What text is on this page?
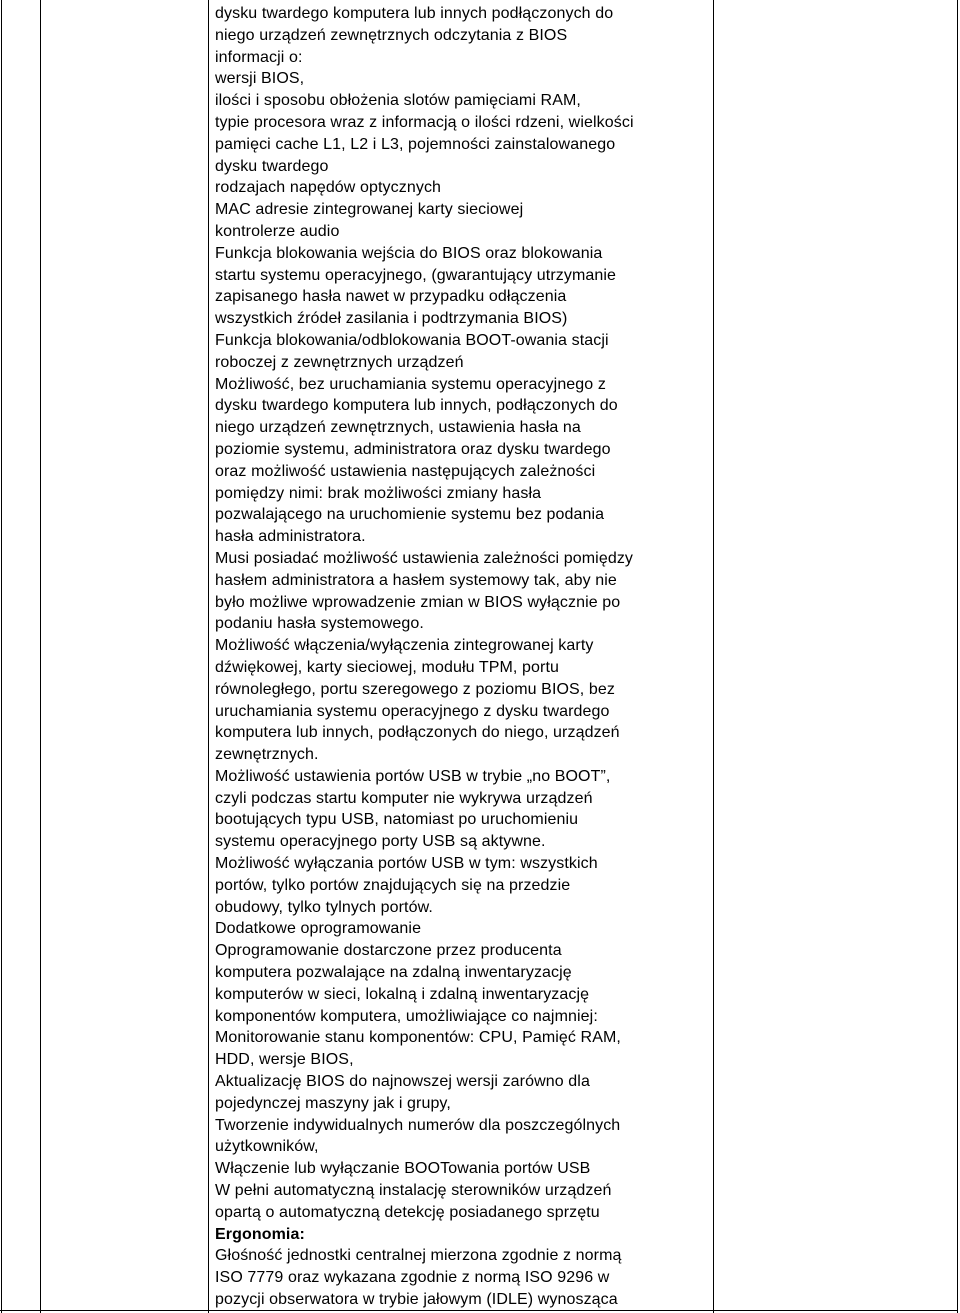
dysku twardego komputera lub innych podłączonych do
niego urządzeń zewnętrznych odczytania z BIOS
informacji o:
wersji BIOS,
ilości i sposobu obłożenia slotów pamięciami RAM,
typie procesora wraz z informacją o ilości rdzeni, wielkości
pamięci cache L1, L2 i L3, pojemności zainstalowanego
dysku twardego
rodzajach napędów optycznych
MAC adresie zintegrowanej karty sieciowej
kontrolerze audio
Funkcja blokowania wejścia do BIOS oraz blokowania
startu systemu operacyjnego, (gwarantujący utrzymanie
zapisanego hasła nawet w przypadku odłączenia
wszystkich źródeł zasilania i podtrzymania BIOS)
Funkcja blokowania/odblokowania BOOT-owania stacji
roboczej z zewnętrznych urządzeń
Możliwość, bez uruchamiania systemu operacyjnego z
dysku twardego komputera lub innych, podłączonych do
niego urządzeń zewnętrznych, ustawienia hasła na
poziomie systemu, administratora oraz dysku twardego
oraz możliwość ustawienia następujących zależności
pomiędzy nimi: brak możliwości zmiany hasła
pozwalającego na uruchomienie systemu bez podania
hasła administratora.
Musi posiadać możliwość ustawienia zależności pomiędzy
hasłem administratora a hasłem systemowy tak, aby nie
było możliwe wprowadzenie zmian w BIOS wyłącznie po
podaniu hasła systemowego.
Możliwość włączenia/wyłączenia zintegrowanej karty
dźwiękowej, karty sieciowej, modułu TPM, portu
równoległego, portu szeregowego z poziomu BIOS, bez
uruchamiania systemu operacyjnego z dysku twardego
komputera lub innych, podłączonych do niego, urządzeń
zewnętrznych.
Możliwość ustawienia portów USB w trybie „no BOOT”,
czyli podczas startu komputer nie wykrywa urządzeń
bootujących typu USB, natomiast po uruchomieniu
systemu operacyjnego porty USB są aktywne.
Możliwość wyłączania portów USB w tym: wszystkich
portów, tylko portów znajdujących się na przedzie
obudowy, tylko tylnych portów.
Dodatkowe oprogramowanie
Oprogramowanie dostarczone przez producenta
komputera pozwalające na zdalną inwentaryzację
komputerów w sieci, lokalną i zdalną inwentaryzację
komponentów komputera, umożliwiające co najmniej:
Monitorowanie stanu komponentów: CPU, Pamięć RAM,
HDD, wersje BIOS,
Aktualizację BIOS do najnowszej wersji zarówno dla
pojedynczej maszyny jak i grupy,
Tworzenie indywidualnych numerów dla poszczególnych
użytkowników,
Włączenie lub wyłączanie BOOTowania portów USB
W pełni automatyczną instalację sterowników urządzeń
opartą o automatyczną detekcję posiadanego sprzętu
Ergonomia:
Głośność jednostki centralnej mierzona zgodnie z normą
ISO 7779 oraz wykazana zgodnie z normą ISO 9296 w
pozycji obserwatora w trybie jałowym (IDLE) wynosząca
